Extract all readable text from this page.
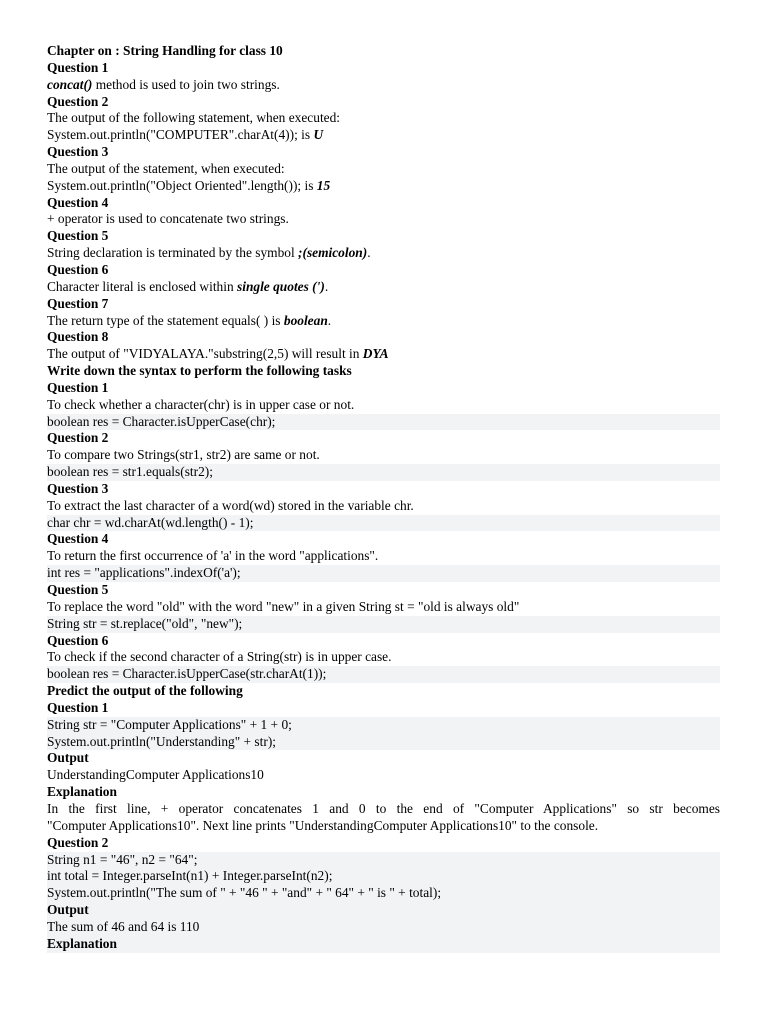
Chapter on : String Handling for class 10
Question 1
concat() method is used to join two strings.
Question 2
The output of the following statement, when executed:
System.out.println("COMPUTER".charAt(4)); is U
Question 3
The output of the statement, when executed:
System.out.println("Object Oriented".length()); is 15
Question 4
+ operator is used to concatenate two strings.
Question 5
String declaration is terminated by the symbol ;(semicolon).
Question 6
Character literal is enclosed within single quotes (').
Question 7
The return type of the statement equals( ) is boolean.
Question 8
The output of "VIDYALAYA."substring(2,5) will result in DYA
Write down the syntax to perform the following tasks
Question 1
To check whether a character(chr) is in upper case or not.
boolean res = Character.isUpperCase(chr);
Question 2
To compare two Strings(str1, str2) are same or not.
boolean res = str1.equals(str2);
Question 3
To extract the last character of a word(wd) stored in the variable chr.
char chr = wd.charAt(wd.length() - 1);
Question 4
To return the first occurrence of 'a' in the word "applications".
int res = "applications".indexOf('a');
Question 5
To replace the word "old" with the word "new" in a given String st = "old is always old"
String str = st.replace("old", "new");
Question 6
To check if the second character of a String(str) is in upper case.
boolean res = Character.isUpperCase(str.charAt(1));
Predict the output of the following
Question 1
String str = "Computer Applications" + 1 + 0;
System.out.println("Understanding" + str);
Output
UnderstandingComputer Applications10
Explanation
In the first line, + operator concatenates 1 and 0 to the end of "Computer Applications" so str becomes
"Computer Applications10". Next line prints "UnderstandingComputer Applications10" to the console.
Question 2
String n1 = "46", n2 = "64";
int total = Integer.parseInt(n1) + Integer.parseInt(n2);
System.out.println("The sum of " + "46 " + "and" + " 64" + " is " + total);
Output
The sum of 46 and 64 is 110
Explanation
